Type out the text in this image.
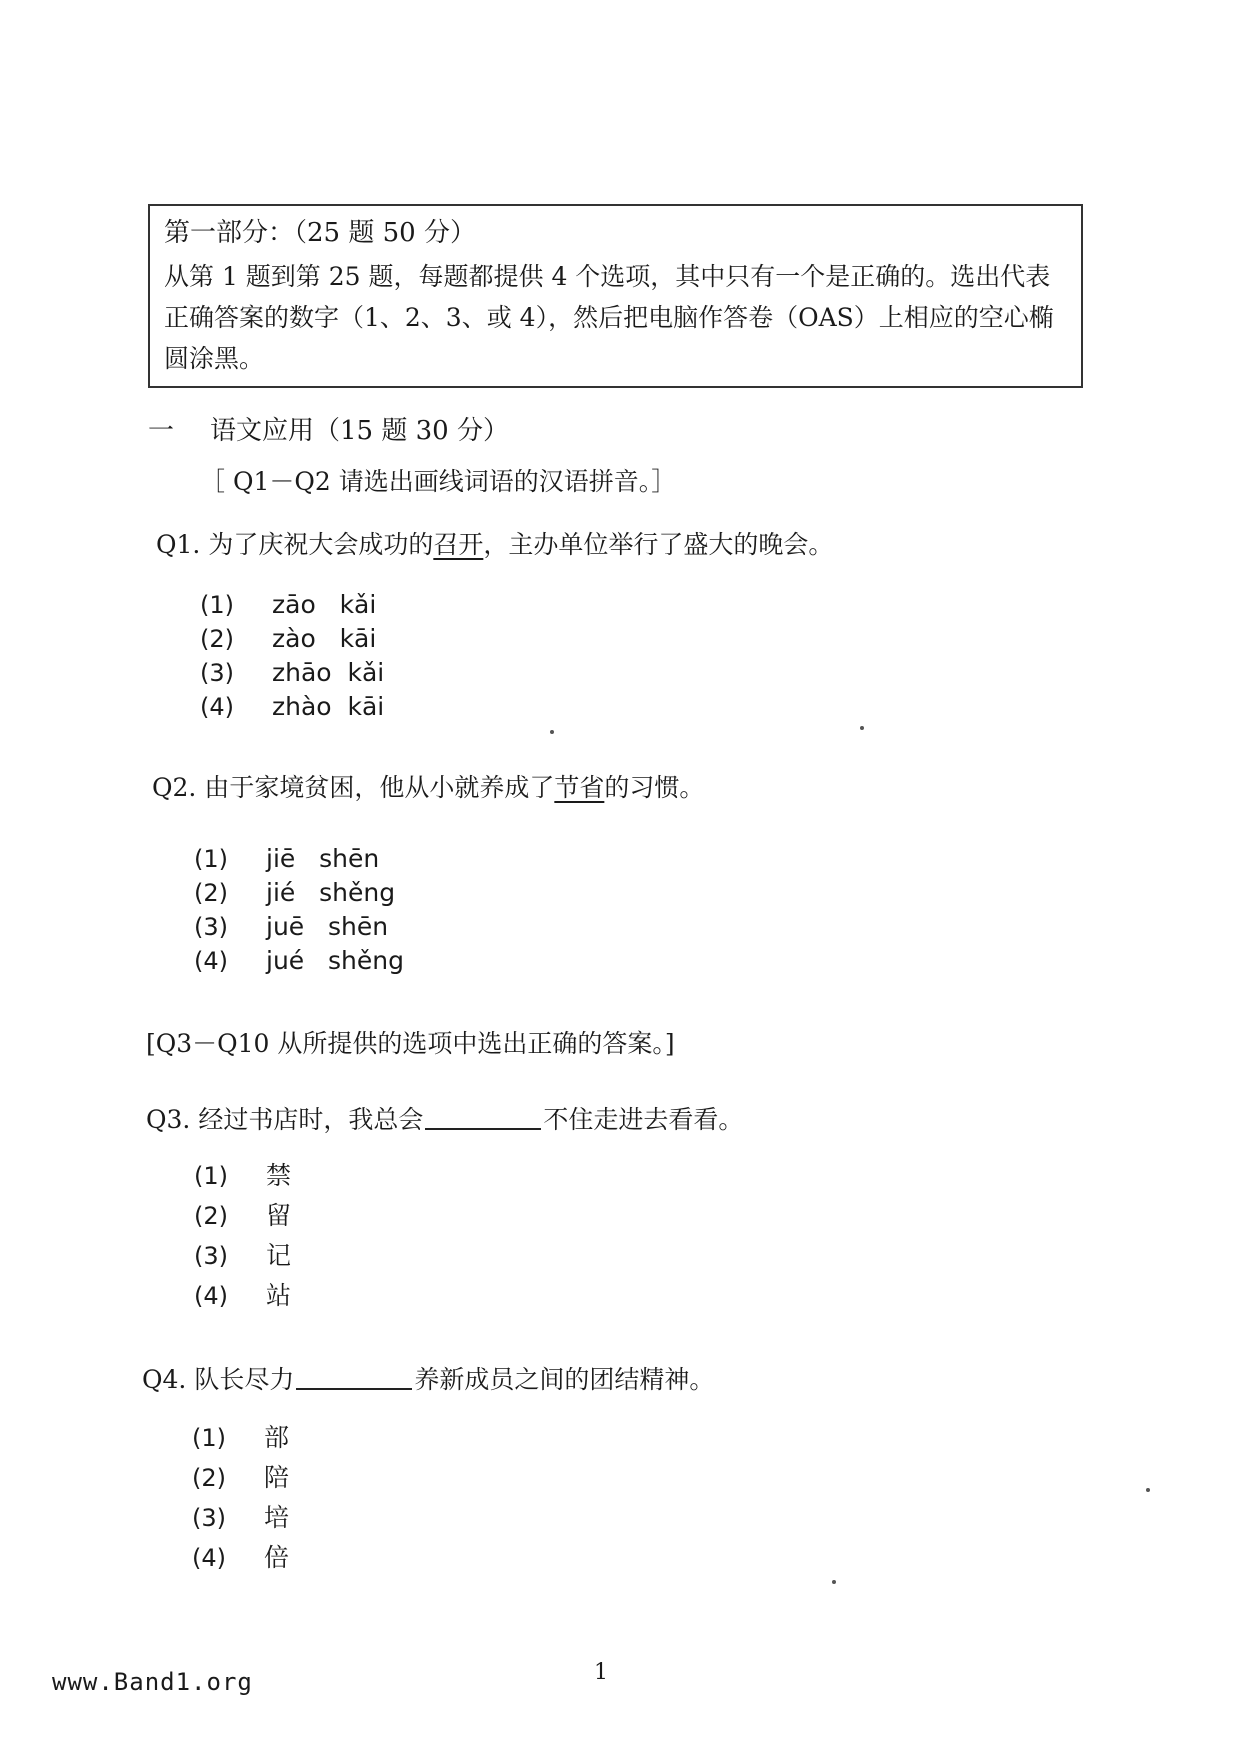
第一部分：（25 题 50 分）
从第 1 题到第 25 题，每题都提供 4 个选项，其中只有一个是正确的。选出代表正确答案的数字（1、2、3、或 4），然后把电脑作答卷（OAS）上相应的空心椭圆涂黑。
一 语文应用（15 题 30 分）
［ Q1－Q2 请选出画线词语的汉语拼音。］
Q1. 为了庆祝大会成功的召开，主办单位举行了盛大的晚会。
(1)	zāo   kǎi
(2)	zào   kāi
(3)	zhāo  kǎi
(4)	zhào  kāi
Q2. 由于家境贫困，他从小就养成了节省的习惯。
(1)	jiē   shēn
(2)	jié   shěng
(3)	juē   shēn
(4)	jué   shěng
[Q3－Q10 从所提供的选项中选出正确的答案。]
Q3. 经过书店时，我总会	不住走进去看看。
(1)	禁
(2)	留
(3)	记
(4)	站
Q4. 队长尽力	养新成员之间的团结精神。
(1)	部
(2)	陪
(3)	培
(4)	倍
www.Band1.org	1
